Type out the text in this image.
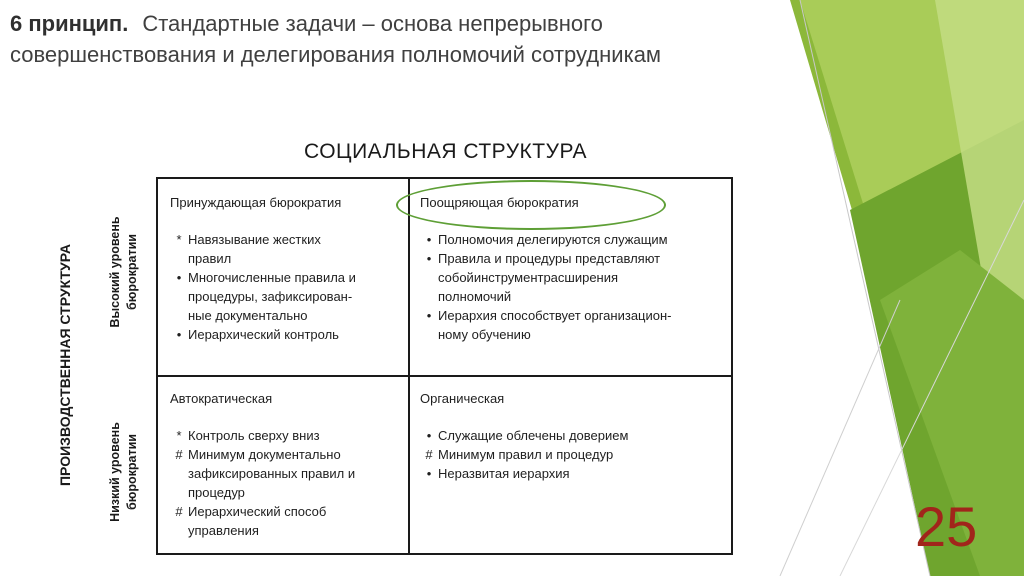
6 принцип. Стандартные задачи – основа непрерывного совершенствования и делегирования полномочий сотрудникам
СОЦИАЛЬНАЯ СТРУКТУРА
ПРОИЗВОДСТВЕННАЯ СТРУКТУРА	Высокий уровень бюрократии
Низкий уровень бюрократии
Принуждающая бюрократия
* Навязывание жестких
правил
• Многочисленные правила и
процедуры, зафиксирован-
ные документально
• Иерархический контроль
Поощряющая бюрократия
• Полномочия делегируются служащим
• Правила и процедуры представляют
собойинструментрасширения
полномочий
• Иерархия способствует организацион-
ному обучению
Автократическая
* Контроль сверху вниз
# Минимум документально
зафиксированных правил и
процедур
# Иерархический способ
управления
Органическая
• Служащие облечены доверием
# Минимум правил и процедур
• Неразвитая иерархия
25
